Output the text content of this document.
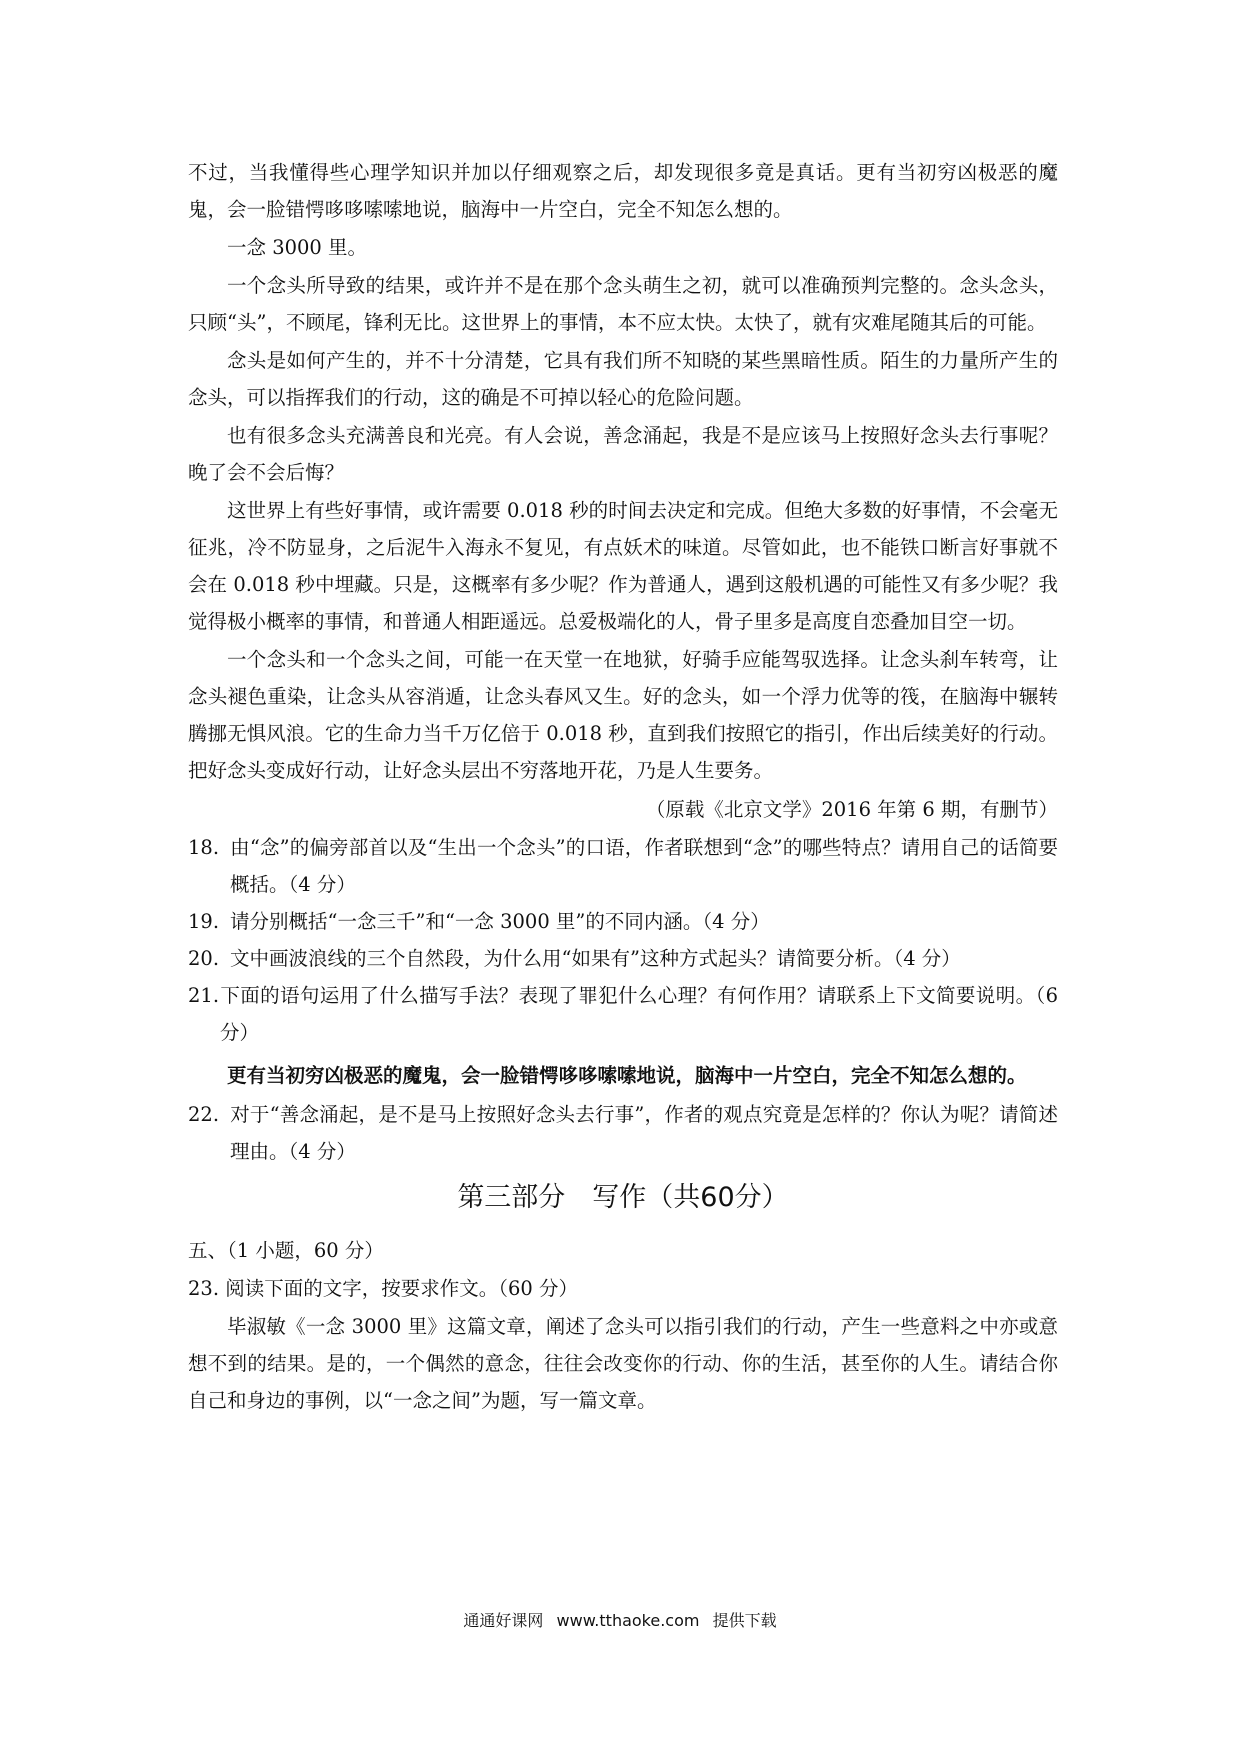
不过，当我懂得些心理学知识并加以仔细观察之后，却发现很多竟是真话。更有当初穷凶极恶的魔鬼，会一脸错愕哆哆嗦嗦地说，脑海中一片空白，完全不知怎么想的。

一念 3000 里。

一个念头所导致的结果，或许并不是在那个念头萌生之初，就可以准确预判完整的。念头念头，只顾“头”，不顾尾，锋利无比。这世界上的事情，本不应太快。太快了，就有灾难尾随其后的可能。

念头是如何产生的，并不十分清楚，它具有我们所不知晓的某些黑暗性质。陌生的力量所产生的念头，可以指挥我们的行动，这的确是不可掉以轻心的危险问题。

也有很多念头充满善良和光亮。有人会说，善念涌起，我是不是应该马上按照好念头去行事呢？晚了会不会后悔？

这世界上有些好事情，或许需要 0.018 秒的时间去决定和完成。但绝大多数的好事情，不会毫无征兆，冷不防显身，之后泥牛入海永不复见，有点妖术的味道。尽管如此，也不能铁口断言好事就不会在 0.018 秒中埋藏。只是，这概率有多少呢？作为普通人，遇到这般机遇的可能性又有多少呢？我觉得极小概率的事情，和普通人相距遥远。总爱极端化的人，骨子里多是高度自恋叠加目空一切。

一个念头和一个念头之间，可能一在天堂一在地狱，好骑手应能驾驭选择。让念头刹车转弯，让念头褪色重染，让念头从容消遁，让念头春风又生。好的念头，如一个浮力优等的筏，在脑海中辗转腾挪无惧风浪。它的生命力当千万亿倍于 0.018 秒，直到我们按照它的指引，作出后续美好的行动。把好念头变成好行动，让好念头层出不穷落地开花，乃是人生要务。

（原载《北京文学》2016 年第 6 期，有删节）

18. 由“念”的偏旁部首以及“生出一个念头”的口语，作者联想到“念”的哪些特点？请用自己的话简要概括。（4 分）

19. 请分别概括“一念三千”和“一念 3000 里”的不同内涵。（4 分）

20. 文中画波浪线的三个自然段，为什么用“如果有”这种方式起头？请简要分析。（4 分）

21.下面的语句运用了什么描写手法？表现了罪犯什么心理？有何作用？请联系上下文简要说明。（6 分）

更有当初穷凶极恶的魔鬼，会一脸错愕哆哆嗦嗦地说，脑海中一片空白，完全不知怎么想的。

22. 对于“善念涌起，是不是马上按照好念头去行事”，作者的观点究竟是怎样的？你认为呢？请简述理由。（4 分）

第三部分　写作（共60分）

五、（1 小题，60 分）

23. 阅读下面的文字，按要求作文。（60 分）

毕淑敏《一念 3000 里》这篇文章，阐述了念头可以指引我们的行动，产生一些意料之中亦或意想不到的结果。是的，一个偶然的意念，往往会改变你的行动、你的生活，甚至你的人生。请结合你自己和身边的事例，以“一念之间”为题，写一篇文章。

通通好课网 www.tthaoke.com 提供下载
